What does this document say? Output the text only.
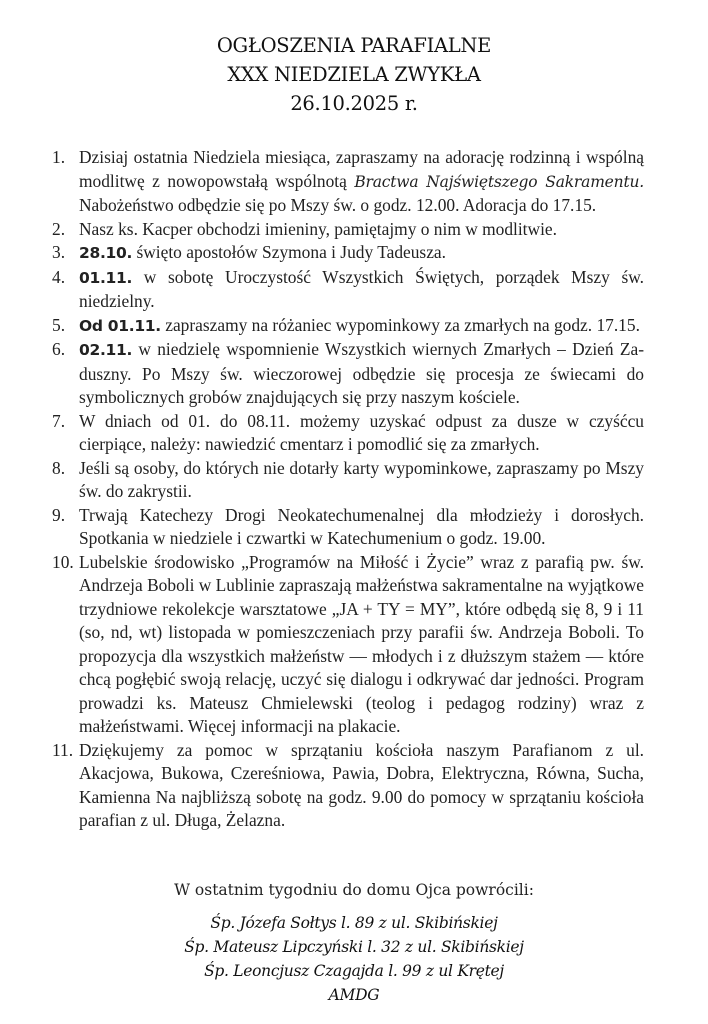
OGŁOSZENIA PARAFIALNE
XXX NIEDZIELA ZWYKŁA
26.10.2025 r.
1. Dzisiaj ostatnia Niedziela miesiąca, zapraszamy na adorację rodzinną i wspólną modlitwę z nowopowstałą wspólnotą Bractwa Najświętszego Sakramentu. Nabożeństwo odbędzie się po Mszy św. o godz. 12.00. Adoracja do 17.15.
2. Nasz ks. Kacper obchodzi imieniny, pamiętajmy o nim w modlitwie.
3. 28.10. święto apostołów Szymona i Judy Tadeusza.
4. 01.11. w sobotę Uroczystość Wszystkich Świętych, porządek Mszy św. niedzielny.
5. Od 01.11. zapraszamy na różaniec wypominkowy za zmarłych na godz. 17.15.
6. 02.11. w niedzielę wspomnienie Wszystkich wiernych Zmarłych – Dzień Za-duszny. Po Mszy św. wieczorowej odbędzie się procesja ze świecami do symbolicznych grobów znajdujących się przy naszym kościele.
7. W dniach od 01. do 08.11. możemy uzyskać odpust za dusze w czyśćcu cierpiące, należy: nawiedzić cmentarz i pomodlić się za zmarłych.
8. Jeśli są osoby, do których nie dotarły karty wypominkowe, zapraszamy po Mszy św. do zakrystii.
9. Trwają Katechezy Drogi Neokatechumenalnej dla młodzieży i dorosłych. Spotkania w niedziele i czwartki w Katechumenium o godz. 19.00.
10. Lubelskie środowisko „Programów na Miłość i Życie” wraz z parafią pw. św. Andrzeja Boboli w Lublinie zapraszają małżeństwa sakramentalne na wyjątkowe trzydniowe rekolekcje warsztatowe „JA + TY = MY”, które odbędą się 8, 9 i 11 (so, nd, wt) listopada w pomieszczeniach przy parafii św. Andrzeja Boboli. To propozycja dla wszystkich małżeństw — młodych i z dłuższym stażem — które chcą pogłębić swoją relację, uczyć się dialogu i odkrywać dar jedności. Program prowadzi ks. Mateusz Chmielewski (teolog i pedagog rodziny) wraz z małżeństwami. Więcej informacji na plakacie.
11. Dziękujemy za pomoc w sprzątaniu kościoła naszym Parafianom z ul. Akacjowa, Bukowa, Czereśniowa, Pawia, Dobra, Elektryczna, Równa, Sucha, Kamienna Na najbliższą sobotę na godz. 9.00 do pomocy w sprzątaniu kościoła parafian z ul. Długa, Żelazna.
W ostatnim tygodniu do domu Ojca powrócili:
Śp. Józefa Sołtys l. 89 z ul. Skibińskiej
Śp. Mateusz Lipczyński l. 32 z ul. Skibińskiej
Śp. Leoncjusz Czagajda l. 99 z ul Krętej
AMDG
